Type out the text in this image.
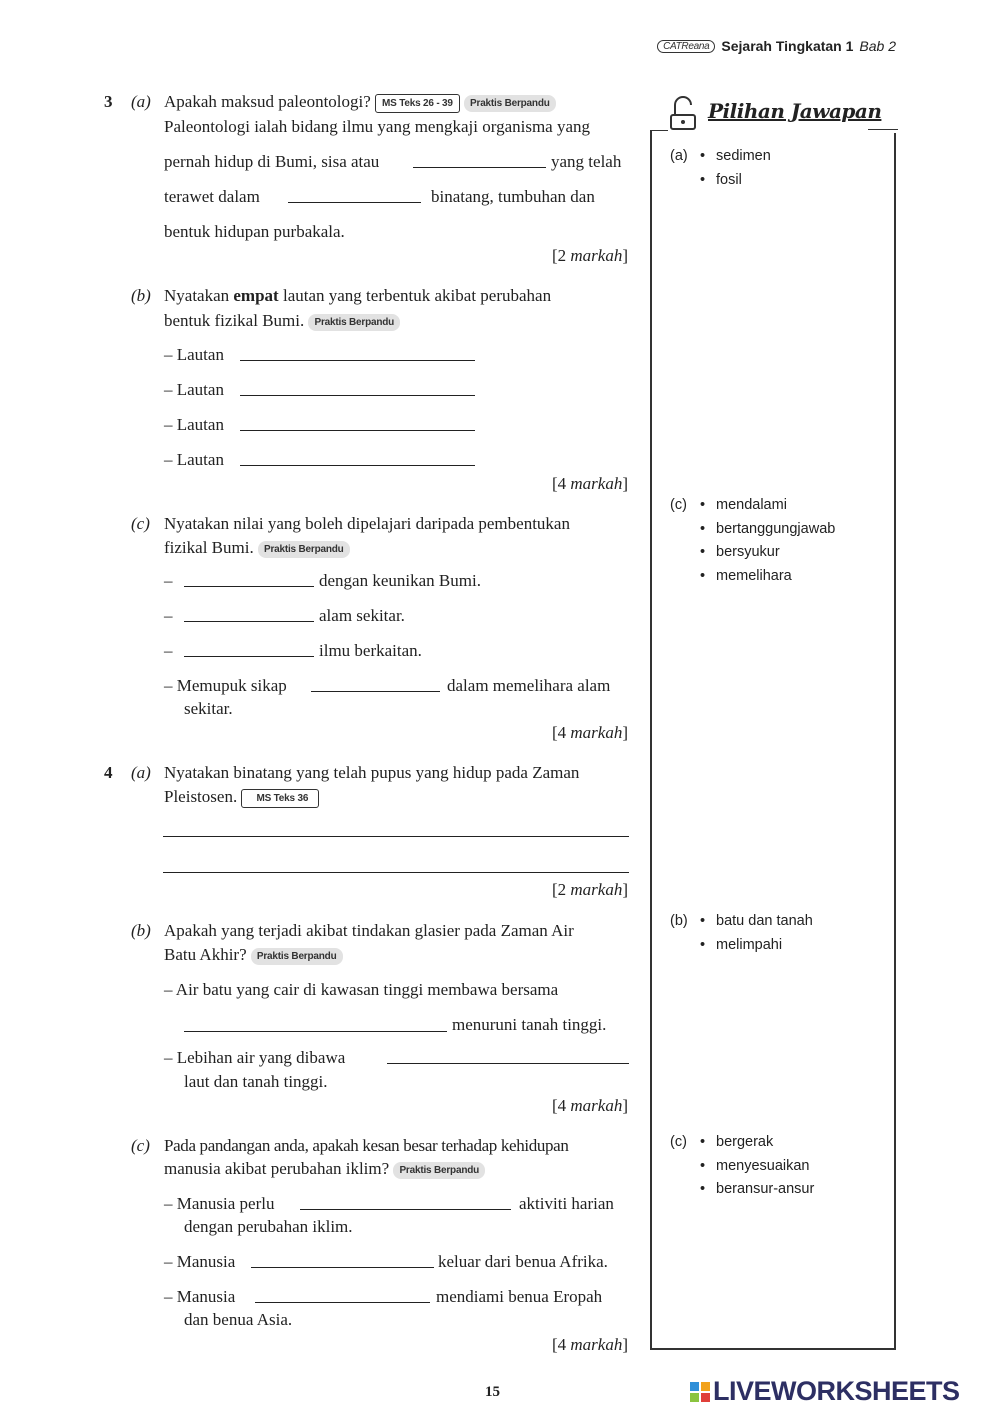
CATReana Sejarah Tingkatan 1 Bab 2
3 (a) Apakah maksud paleontologi? MS Teks 26 - 39 Praktis Berpandu
Paleontologi ialah bidang ilmu yang mengkaji organisma yang
pernah hidup di Bumi, sisa atau	yang telah
terawet dalam	binatang, tumbuhan dan
bentuk hidupan purbakala.
[2 markah]
(b) Nyatakan empat lautan yang terbentuk akibat perubahan
bentuk fizikal Bumi. Praktis Berpandu
– Lautan
– Lautan
– Lautan
– Lautan
[4 markah]
(c) Nyatakan nilai yang boleh dipelajari daripada pembentukan
fizikal Bumi. Praktis Berpandu
–	dengan keunikan Bumi.
–	alam sekitar.
–	ilmu berkaitan.
– Memupuk sikap	dalam memelihara alam
sekitar.
[4 markah]
4 (a) Nyatakan binatang yang telah pupus yang hidup pada Zaman
Pleistosen. MS Teks 36
[2 markah]
(b) Apakah yang terjadi akibat tindakan glasier pada Zaman Air
Batu Akhir? Praktis Berpandu
– Air batu yang cair di kawasan tinggi membawa bersama
menuruni tanah tinggi.
– Lebihan air yang dibawa
laut dan tanah tinggi.
[4 markah]
(c) Pada pandangan anda, apakah kesan besar terhadap kehidupan
manusia akibat perubahan iklim? Praktis Berpandu
– Manusia perlu	aktiviti harian
dengan perubahan iklim.
– Manusia	keluar dari benua Afrika.
– Manusia	mendiami benua Eropah
dan benua Asia.
[4 markah]
Pilihan Jawapan
(a) • sedimen
• fosil
(c) • mendalami
• bertanggungjawab
• bersyukur
• memelihara
(b) • batu dan tanah
• melimpahi
(c) • bergerak
• menyesuaikan
• beransur-ansur
15	LIVEWORKSHEETS
